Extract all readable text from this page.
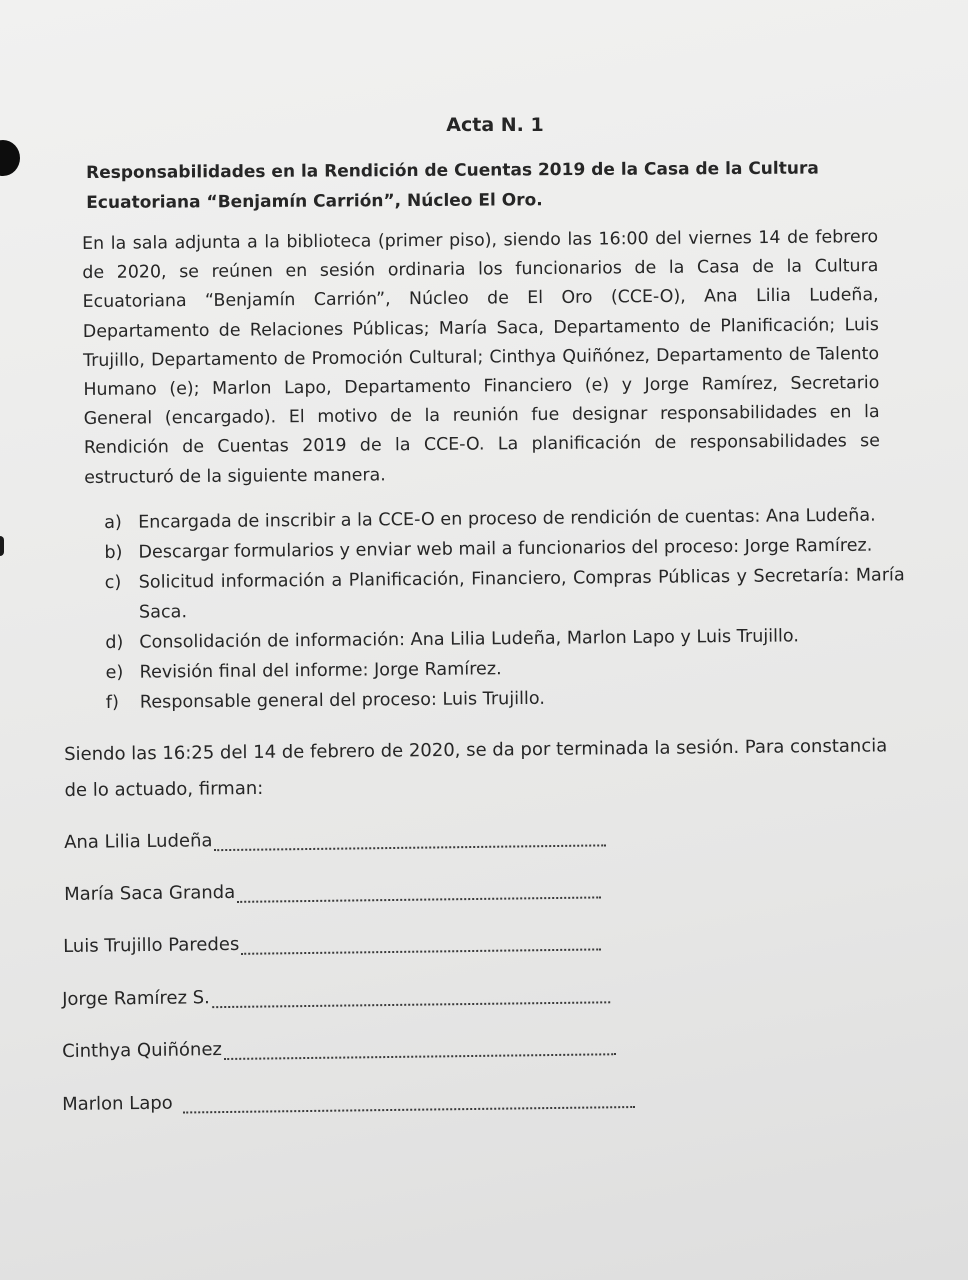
Acta N. 1
Responsabilidades en la Rendición de Cuentas 2019 de la Casa de la Cultura Ecuatoriana “Benjamín Carrión”, Núcleo El Oro.
En la sala adjunta a la biblioteca (primer piso), siendo las 16:00 del viernes 14 de febrero de 2020, se reúnen en sesión ordinaria los funcionarios de la Casa de la Cultura Ecuatoriana “Benjamín Carrión”, Núcleo de El Oro (CCE-O), Ana Lilia Ludeña, Departamento de Relaciones Públicas; María Saca, Departamento de Planificación; Luis Trujillo, Departamento de Promoción Cultural; Cinthya Quiñónez, Departamento de Talento Humano (e); Marlon Lapo, Departamento Financiero (e) y Jorge Ramírez, Secretario General (encargado). El motivo de la reunión fue designar responsabilidades en la Rendición de Cuentas 2019 de la CCE-O. La planificación de responsabilidades se estructuró de la siguiente manera.
a) Encargada de inscribir a la CCE-O en proceso de rendición de cuentas: Ana Ludeña.
b) Descargar formularios y enviar web mail a funcionarios del proceso: Jorge Ramírez.
c) Solicitud información a Planificación, Financiero, Compras Públicas y Secretaría: María Saca.
d) Consolidación de información: Ana Lilia Ludeña, Marlon Lapo y Luis Trujillo.
e) Revisión final del informe: Jorge Ramírez.
f)	Responsable general del proceso: Luis Trujillo.
Siendo las 16:25 del 14 de febrero de 2020, se da por terminada la sesión. Para constancia de lo actuado, firman:
Ana Lilia Ludeña
María Saca Granda
Luis Trujillo Paredes
Jorge Ramírez S.
Cinthya Quiñónez
Marlon Lapo
